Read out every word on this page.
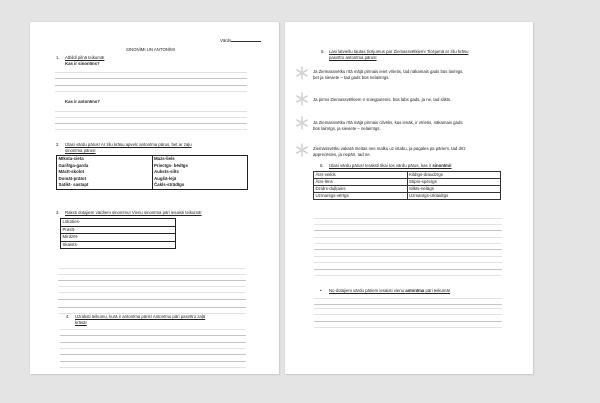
Vārds
SINONĪMI UN ANTONĪMI
1. Atbildi pilnā teikumā!
Kas ir sinonīms?
Kas ir antonīms?
2. Izlasi vārdu pārus! Ar zilu krāsu apvelc antonīma pārus, bet ar zaļu
sinonīma pārus!
Mīksta-cieta	Mazs-liels
Garšīga-garda	Priecīgs- bēdīgs
Mācīt-skolot	Auksts-silts
Domāt-prātot	Augšā-lejā
Satikt- sastapt	Čakls-strādīgs
3. Raksti dotajiem vārdiem sinonīmu! Vienu sinonīma pāri iesaisti teikumā!
Lūkoties-
Prasīt-
Mirdzēt-
Skaists-
4. Uzraksti teikumu, kurā ir antonīma pāris! Antonīmu pāri pasvītro zaļā
krāsā!
5. Lasi latviešu tautas ticējumus par Ziemassvētkiem! Ticējumā ar zilu krāsu
pasvītro antonīma pārus!
Ja Ziemassvētku rītā mājā pirmais ieiet vīrietis, tad nākamais gads būs laimīgs,
bet ja sieviete – tad gads būs nelaimīgs.
Ja pirms Ziemassvētkiem ir sniegputenis, būs labs gads, ja ne, tad slikts.
Ja Ziemassvētku rītā mājā pirmais cilvēks, kas ienāk, ir vīrietis, nākamais gads
būs laimīgs, ja sieviete – nelaimīgs.
Ziemassvētku vakarā meitas nes malku uz istabu, ja pagales pa pāriem, tad drīz
apprecēsies, ja nepārī, tad ne.
6. Izlasi vārdu pārus! Ieraksti tikai tos vārdu pārus, kas ir sinonīmi!
Ātrs-veikls	Kildīgs-draudzīgs
Ātrs-lēns	Stiprs-spēcīgs
Dzidrs-duļķains	Silkts-nelāgs
Uzmanīgs-vērīgs	Uzmanīgs-izklaidīgs
• No dotajiem vārdu pāriem iesaisti vienu antonīma pāri teikumā!
